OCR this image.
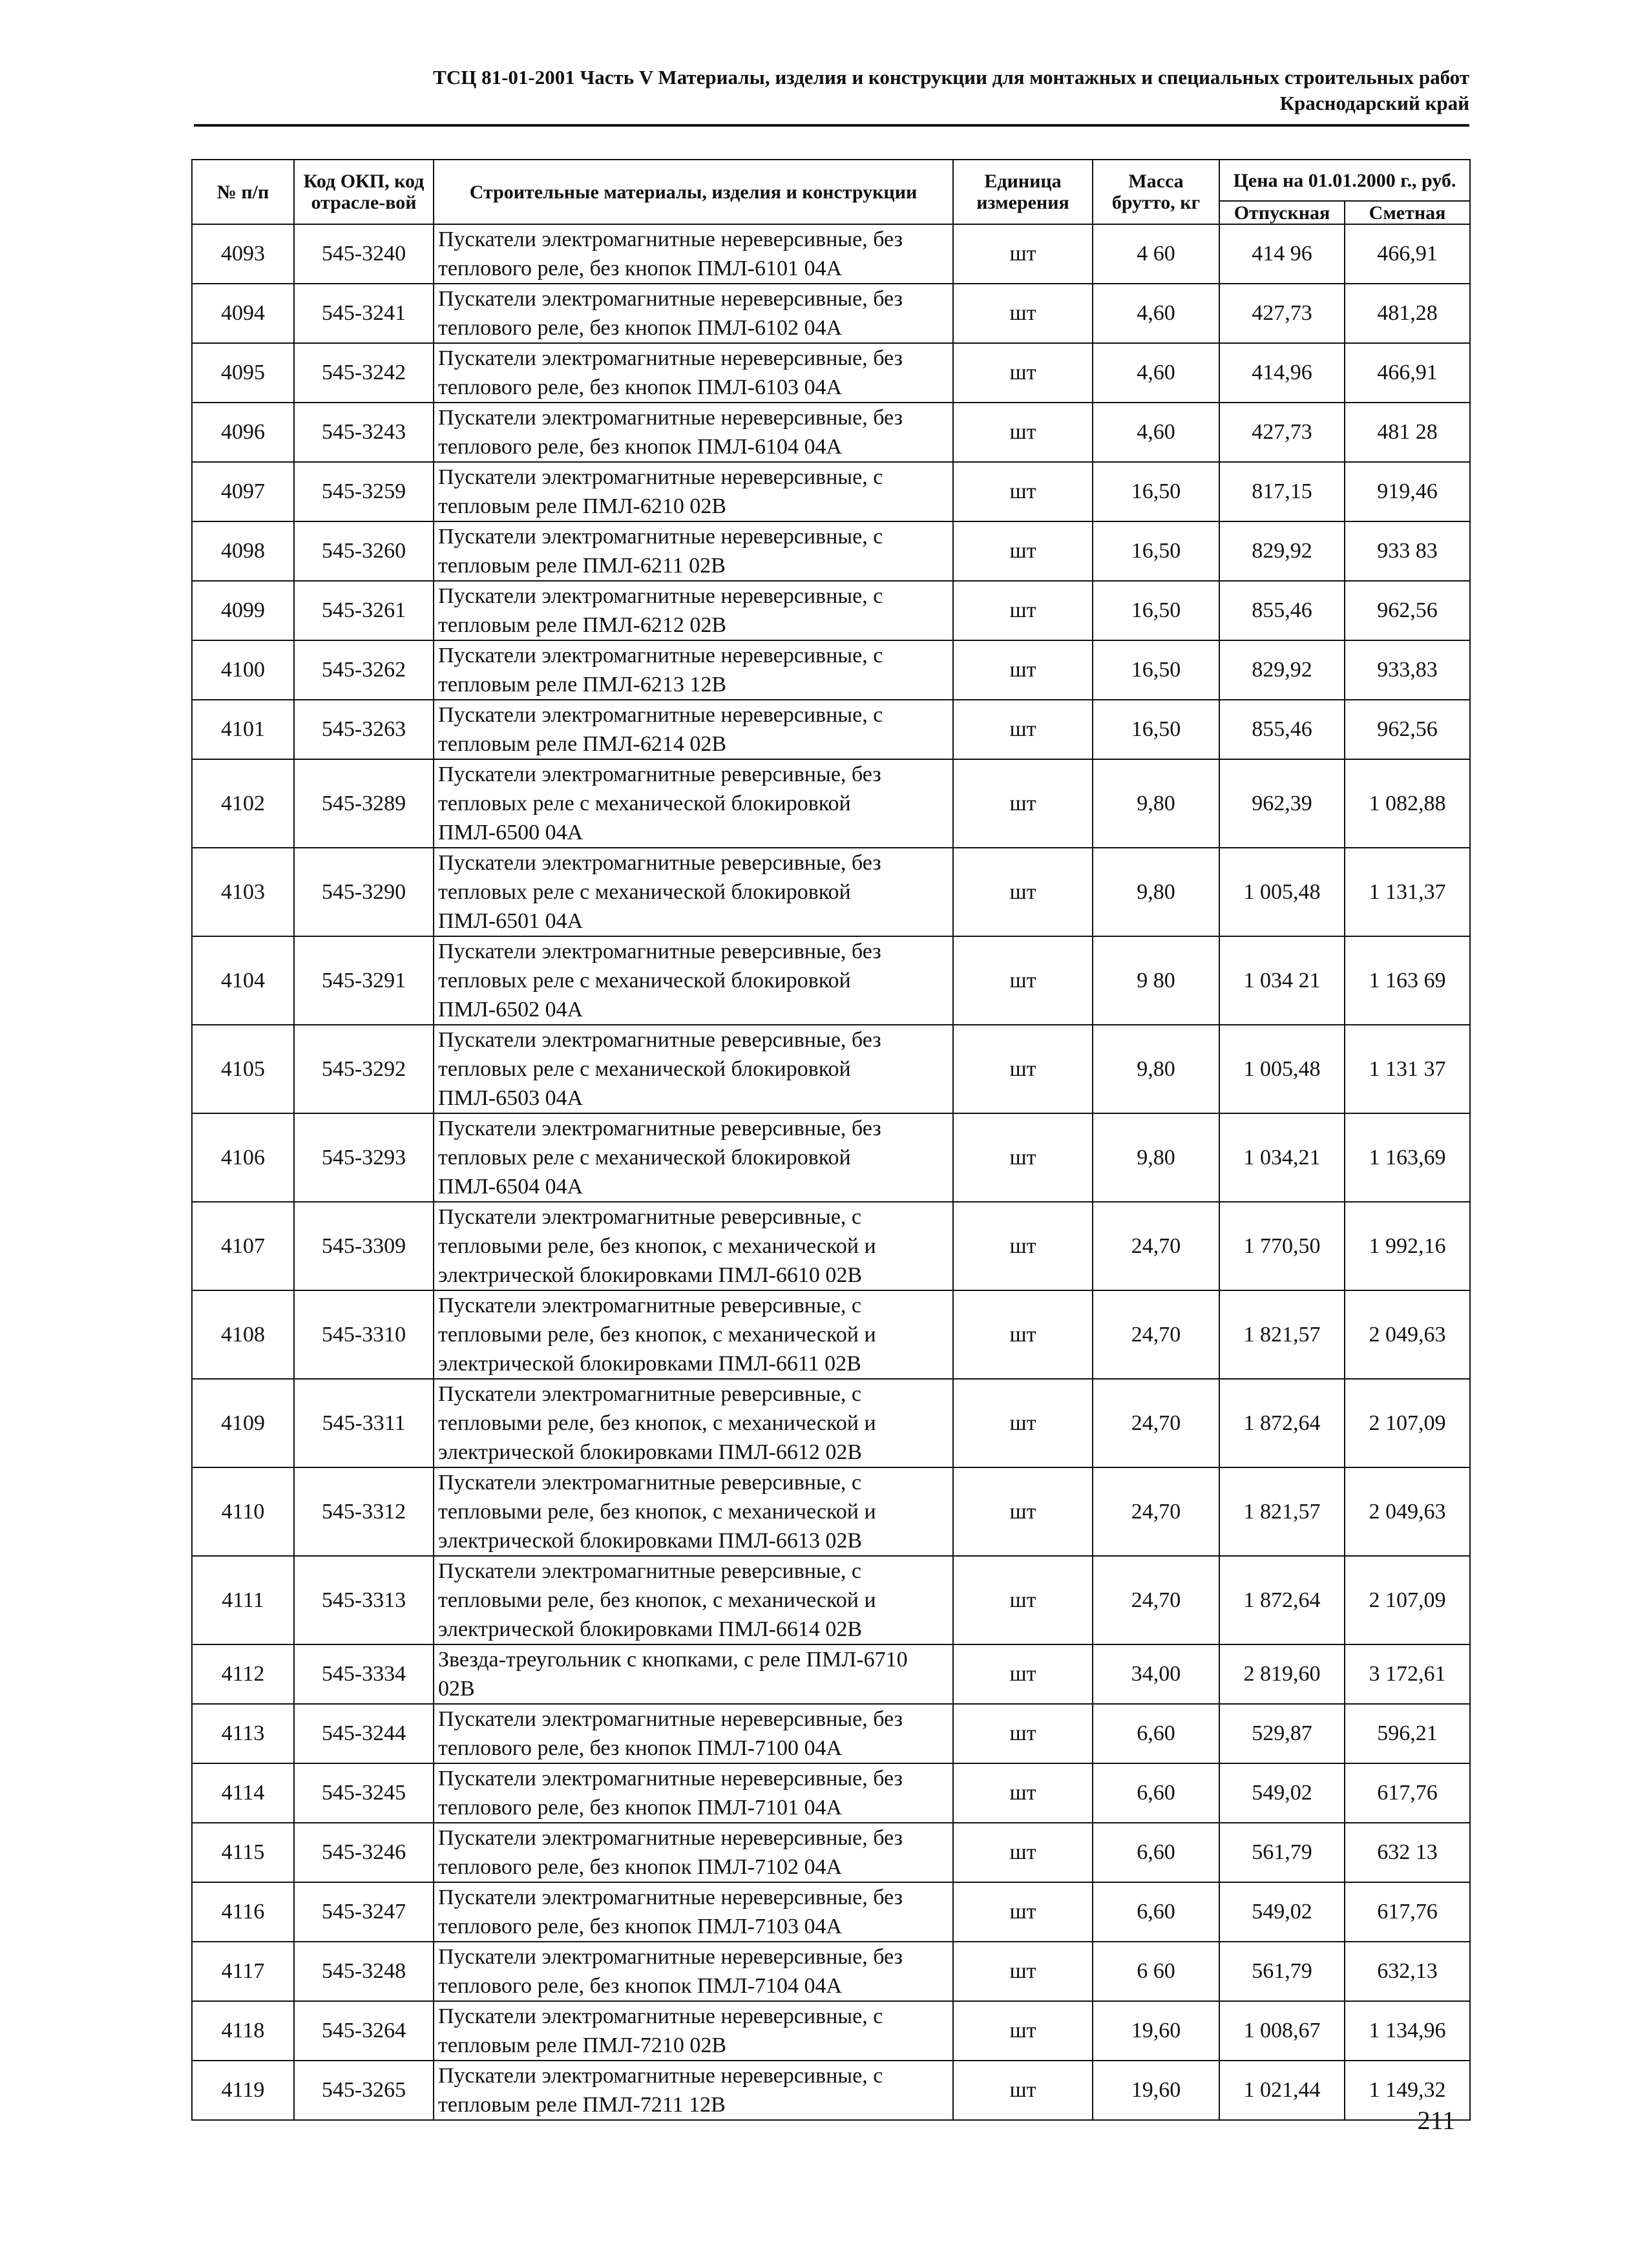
ТСЦ 81-01-2001 Часть V Материалы, изделия и конструкции для монтажных и специальных строительных работ
Краснодарский край
№ п/п	Код ОКП, код отрасле-вой	Строительные материалы, изделия и конструкции	Единица измерения	Масса брутто, кг	Цена на 01.01.2000 г., руб.	
					Отпускная	Сметная
4093	545-3240	Пускатели электромагнитные нереверсивные, без теплового реле, без кнопок ПМЛ-6101 04А	шт	4 60	414 96	466,91
4094	545-3241	Пускатели электромагнитные нереверсивные, без теплового реле, без кнопок ПМЛ-6102 04А	шт	4,60	427,73	481,28
4095	545-3242	Пускатели электромагнитные нереверсивные, без теплового реле, без кнопок ПМЛ-6103 04А	шт	4,60	414,96	466,91
4096	545-3243	Пускатели электромагнитные нереверсивные, без теплового реле, без кнопок ПМЛ-6104 04А	шт	4,60	427,73	481 28
4097	545-3259	Пускатели электромагнитные нереверсивные, с тепловым реле ПМЛ-6210 02В	шт	16,50	817,15	919,46
4098	545-3260	Пускатели электромагнитные нереверсивные, с тепловым реле ПМЛ-6211 02В	шт	16,50	829,92	933 83
4099	545-3261	Пускатели электромагнитные нереверсивные, с тепловым реле ПМЛ-6212 02В	шт	16,50	855,46	962,56
4100	545-3262	Пускатели электромагнитные нереверсивные, с тепловым реле ПМЛ-6213 12В	шт	16,50	829,92	933,83
4101	545-3263	Пускатели электромагнитные нереверсивные, с тепловым реле ПМЛ-6214 02В	шт	16,50	855,46	962,56
4102	545-3289	Пускатели электромагнитные реверсивные, без тепловых реле с механической блокировкой ПМЛ-6500 04А	шт	9,80	962,39	1 082,88
4103	545-3290	Пускатели электромагнитные реверсивные, без тепловых реле с механической блокировкой ПМЛ-6501 04А	шт	9,80	1 005,48	1 131,37
4104	545-3291	Пускатели электромагнитные реверсивные, без тепловых реле с механической блокировкой ПМЛ-6502 04А	шт	9 80	1 034 21	1 163 69
4105	545-3292	Пускатели электромагнитные реверсивные, без тепловых реле с механической блокировкой ПМЛ-6503 04А	шт	9,80	1 005,48	1 131 37
4106	545-3293	Пускатели электромагнитные реверсивные, без тепловых реле с механической блокировкой ПМЛ-6504 04А	шт	9,80	1 034,21	1 163,69
4107	545-3309	Пускатели электромагнитные реверсивные, с тепловыми реле, без кнопок, с механической и электрической блокировками ПМЛ-6610 02В	шт	24,70	1 770,50	1 992,16
4108	545-3310	Пускатели электромагнитные реверсивные, с тепловыми реле, без кнопок, с механической и электрической блокировками ПМЛ-6611 02В	шт	24,70	1 821,57	2 049,63
4109	545-3311	Пускатели электромагнитные реверсивные, с тепловыми реле, без кнопок, с механической и электрической блокировками ПМЛ-6612 02В	шт	24,70	1 872,64	2 107,09
4110	545-3312	Пускатели электромагнитные реверсивные, с тепловыми реле, без кнопок, с механической и электрической блокировками ПМЛ-6613 02В	шт	24,70	1 821,57	2 049,63
4111	545-3313	Пускатели электромагнитные реверсивные, с тепловыми реле, без кнопок, с механической и электрической блокировками ПМЛ-6614 02В	шт	24,70	1 872,64	2 107,09
4112	545-3334	Звезда-треугольник с кнопками, с реле ПМЛ-6710 02В	шт	34,00	2 819,60	3 172,61
4113	545-3244	Пускатели электромагнитные нереверсивные, без теплового реле, без кнопок ПМЛ-7100 04А	шт	6,60	529,87	596,21
4114	545-3245	Пускатели электромагнитные нереверсивные, без теплового реле, без кнопок ПМЛ-7101 04А	шт	6,60	549,02	617,76
4115	545-3246	Пускатели электромагнитные нереверсивные, без теплового реле, без кнопок ПМЛ-7102 04А	шт	6,60	561,79	632 13
4116	545-3247	Пускатели электромагнитные нереверсивные, без теплового реле, без кнопок ПМЛ-7103 04А	шт	6,60	549,02	617,76
4117	545-3248	Пускатели электромагнитные нереверсивные, без теплового реле, без кнопок ПМЛ-7104 04А	шт	6 60	561,79	632,13
4118	545-3264	Пускатели электромагнитные нереверсивные, с тепловым реле ПМЛ-7210 02В	шт	19,60	1 008,67	1 134,96
4119	545-3265	Пускатели электромагнитные нереверсивные, с тепловым реле ПМЛ-7211 12В	шт	19,60	1 021,44	1 149,32
211
